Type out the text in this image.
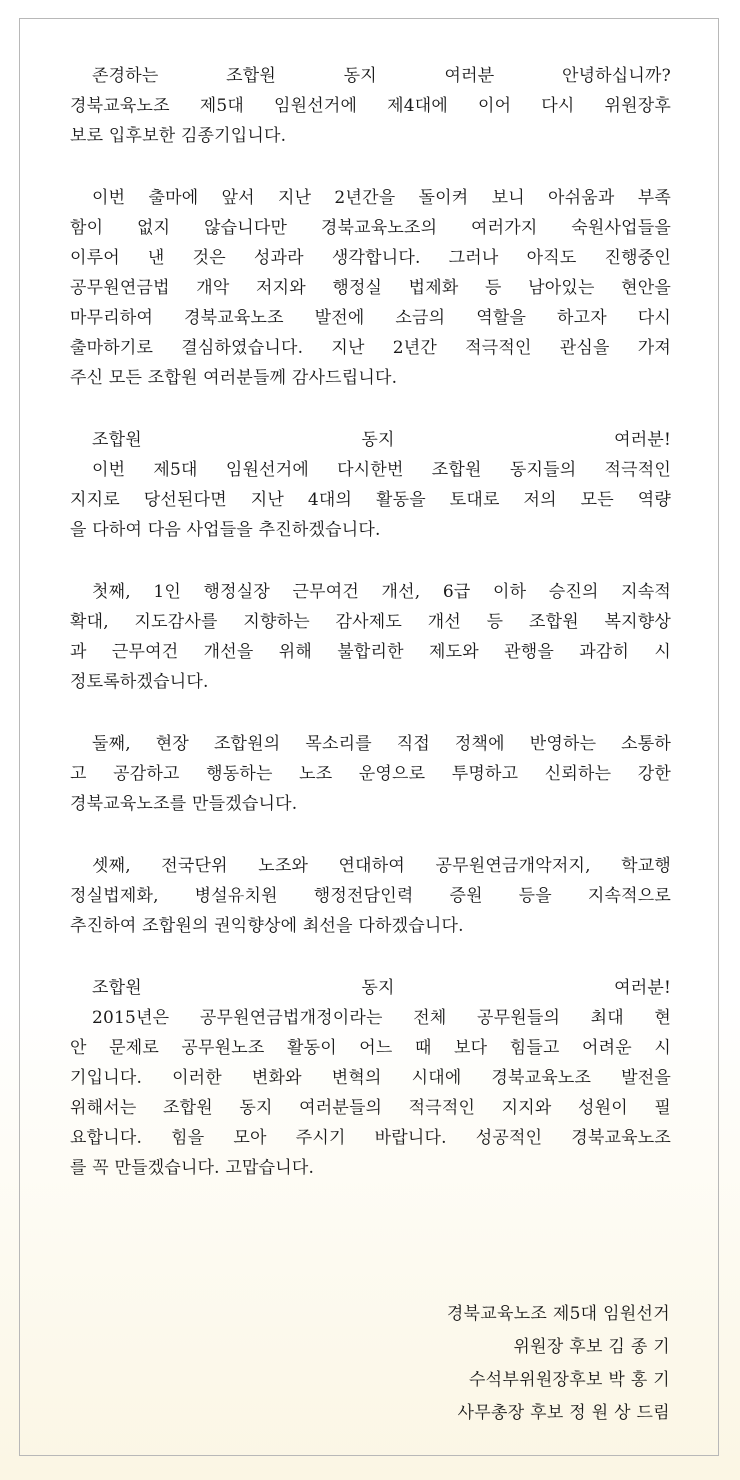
존경하는 조합원 동지 여러분 안녕하십니까?
경북교육노조 제5대 임원선거에 제4대에 이어 다시 위원장후
보로 입후보한 김종기입니다.
이번 출마에 앞서 지난 2년간을 돌이켜 보니 아쉬움과 부족
함이 없지 않습니다만 경북교육노조의 여러가지 숙원사업들을
이루어 낸 것은 성과라 생각합니다. 그러나 아직도 진행중인
공무원연금법 개악 저지와 행정실 법제화 등 남아있는 현안을
마무리하여 경북교육노조 발전에 소금의 역할을 하고자 다시
출마하기로 결심하였습니다. 지난 2년간 적극적인 관심을 가져
주신 모든 조합원 여러분들께 감사드립니다.
조합원 동지 여러분!
이번 제5대 임원선거에 다시한번 조합원 동지들의 적극적인
지지로 당선된다면 지난 4대의 활동을 토대로 저의 모든 역량
을 다하여 다음 사업들을 추진하겠습니다.
첫째, 1인 행정실장 근무여건 개선, 6급 이하 승진의 지속적
확대, 지도감사를 지향하는 감사제도 개선 등 조합원 복지향상
과 근무여건 개선을 위해 불합리한 제도와 관행을 과감히 시
정토록하겠습니다.
둘째, 현장 조합원의 목소리를 직접 정책에 반영하는 소통하
고 공감하고 행동하는 노조 운영으로 투명하고 신뢰하는 강한
경북교육노조를 만들겠습니다.
셋째, 전국단위 노조와 연대하여 공무원연금개악저지, 학교행
정실법제화, 병설유치원 행정전담인력 증원 등을 지속적으로
추진하여 조합원의 권익향상에 최선을 다하겠습니다.
조합원 동지 여러분!
2015년은 공무원연금법개정이라는 전체 공무원들의 최대 현
안 문제로 공무원노조 활동이 어느 때 보다 힘들고 어려운 시
기입니다. 이러한 변화와 변혁의 시대에 경북교육노조 발전을
위해서는 조합원 동지 여러분들의 적극적인 지지와 성원이 필
요합니다. 힘을 모아 주시기 바랍니다. 성공적인 경북교육노조
를 꼭 만들겠습니다. 고맙습니다.
경북교육노조 제5대 임원선거
위원장 후보 김 종 기
수석부위원장후보 박 홍 기
사무총장 후보 정 원 상 드림
